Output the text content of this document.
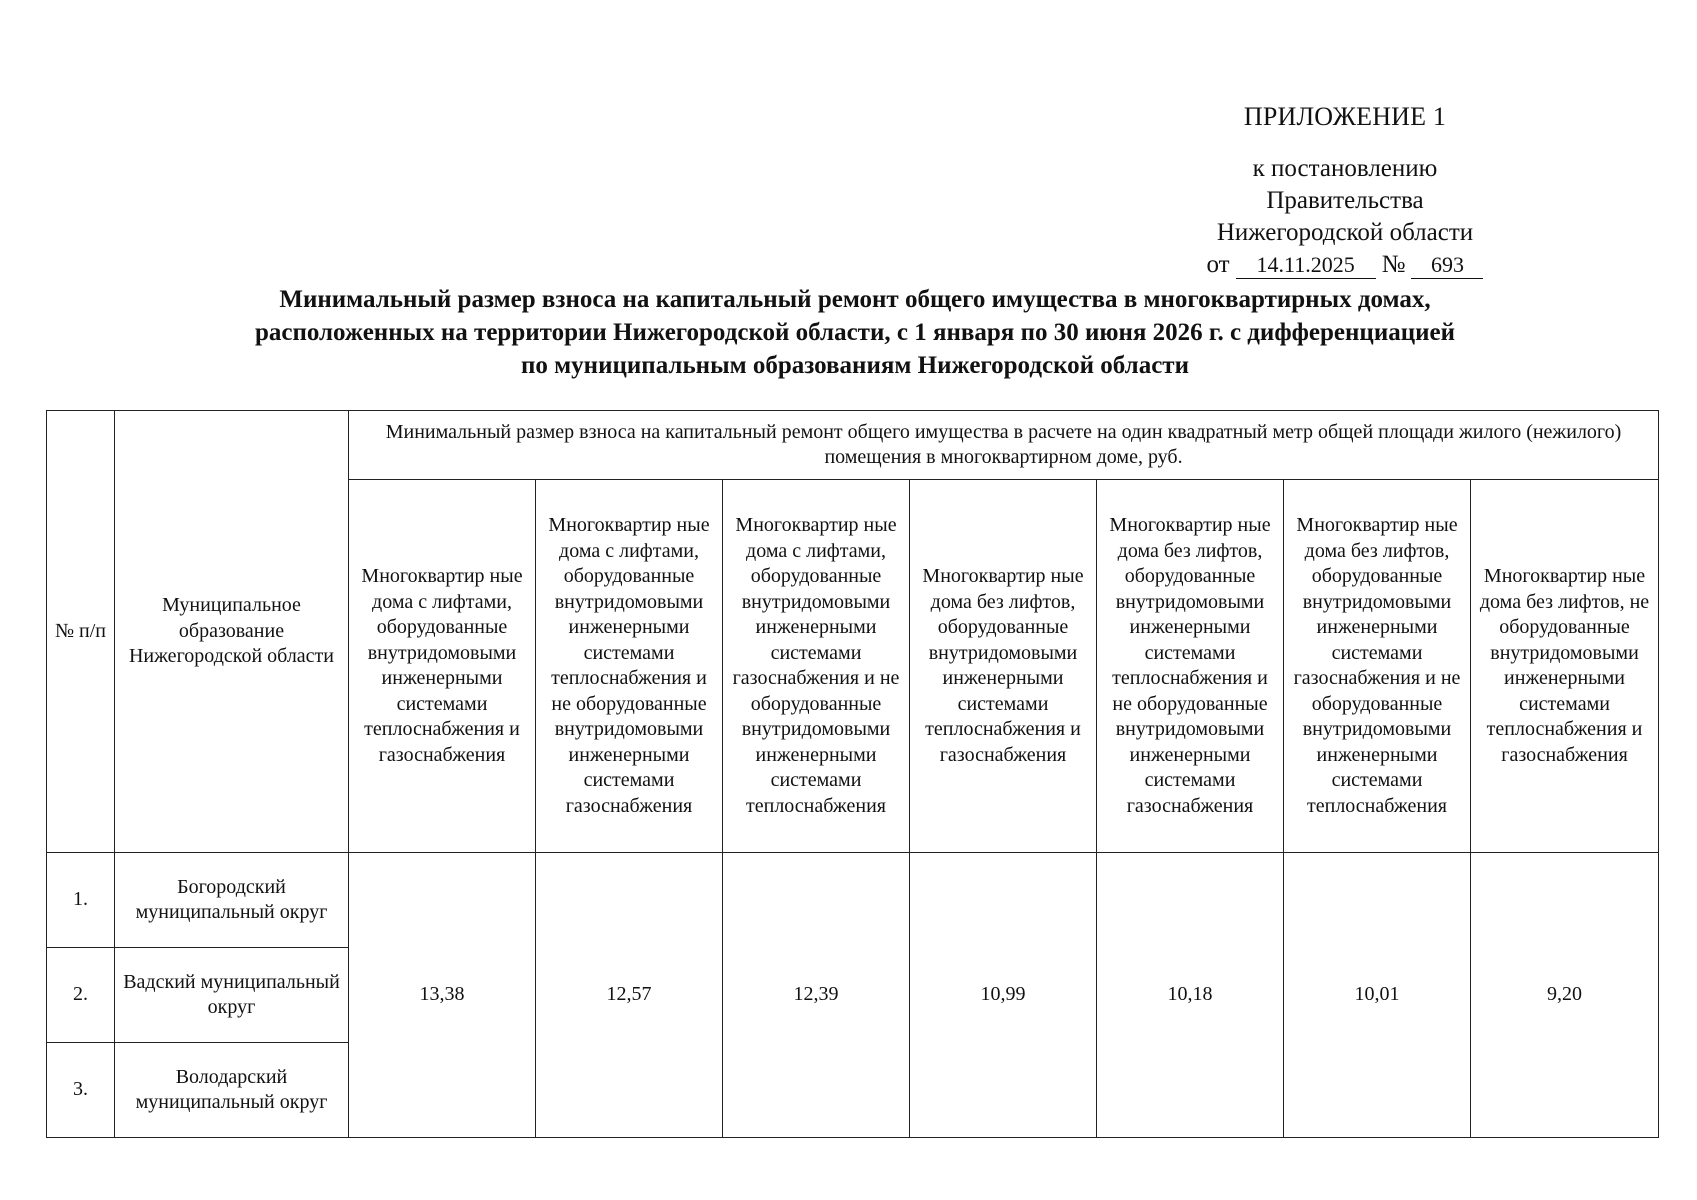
ПРИЛОЖЕНИЕ 1
к постановлению Правительства
Нижегородской области
от	14.11.2025	№	693
Минимальный размер взноса на капитальный ремонт общего имущества в многоквартирных домах,
расположенных на территории Нижегородской области, с 1 января по 30 июня 2026 г. с дифференциацией
по муниципальным образованиям Нижегородской области
№ п/п	Муниципальное образование Нижегородской области	Минимальный размер взноса на капитальный ремонт общего имущества в расчете на один квадратный метр общей площади жилого (нежилого) помещения в многоквартирном доме, руб.						
		Многоквартир ные дома с лифтами, оборудованные внутридомовыми инженерными системами теплоснабжения и газоснабжения	Многоквартир ные дома с лифтами, оборудованные внутридомовыми инженерными системами теплоснабжения и не оборудованные внутридомовыми инженерными системами газоснабжения	Многоквартир ные дома с лифтами, оборудованные внутридомовыми инженерными системами газоснабжения и не оборудованные внутридомовыми инженерными системами теплоснабжения	Многоквартир ные дома без лифтов, оборудованные внутридомовыми инженерными системами теплоснабжения и газоснабжения	Многоквартир ные дома без лифтов, оборудованные внутридомовыми инженерными системами теплоснабжения и не оборудованные внутридомовыми инженерными системами газоснабжения	Многоквартир ные дома без лифтов, оборудованные внутридомовыми инженерными системами газоснабжения и не оборудованные внутридомовыми инженерными системами теплоснабжения	Многоквартир ные дома без лифтов, не оборудованные внутридомовыми инженерными системами теплоснабжения и газоснабжения
1.	Богородский муниципальный округ	13,38	12,57	12,39	10,99	10,18	10,01	9,20
2.	Вадский муниципальный округ							
3.	Володарский муниципальный округ							
